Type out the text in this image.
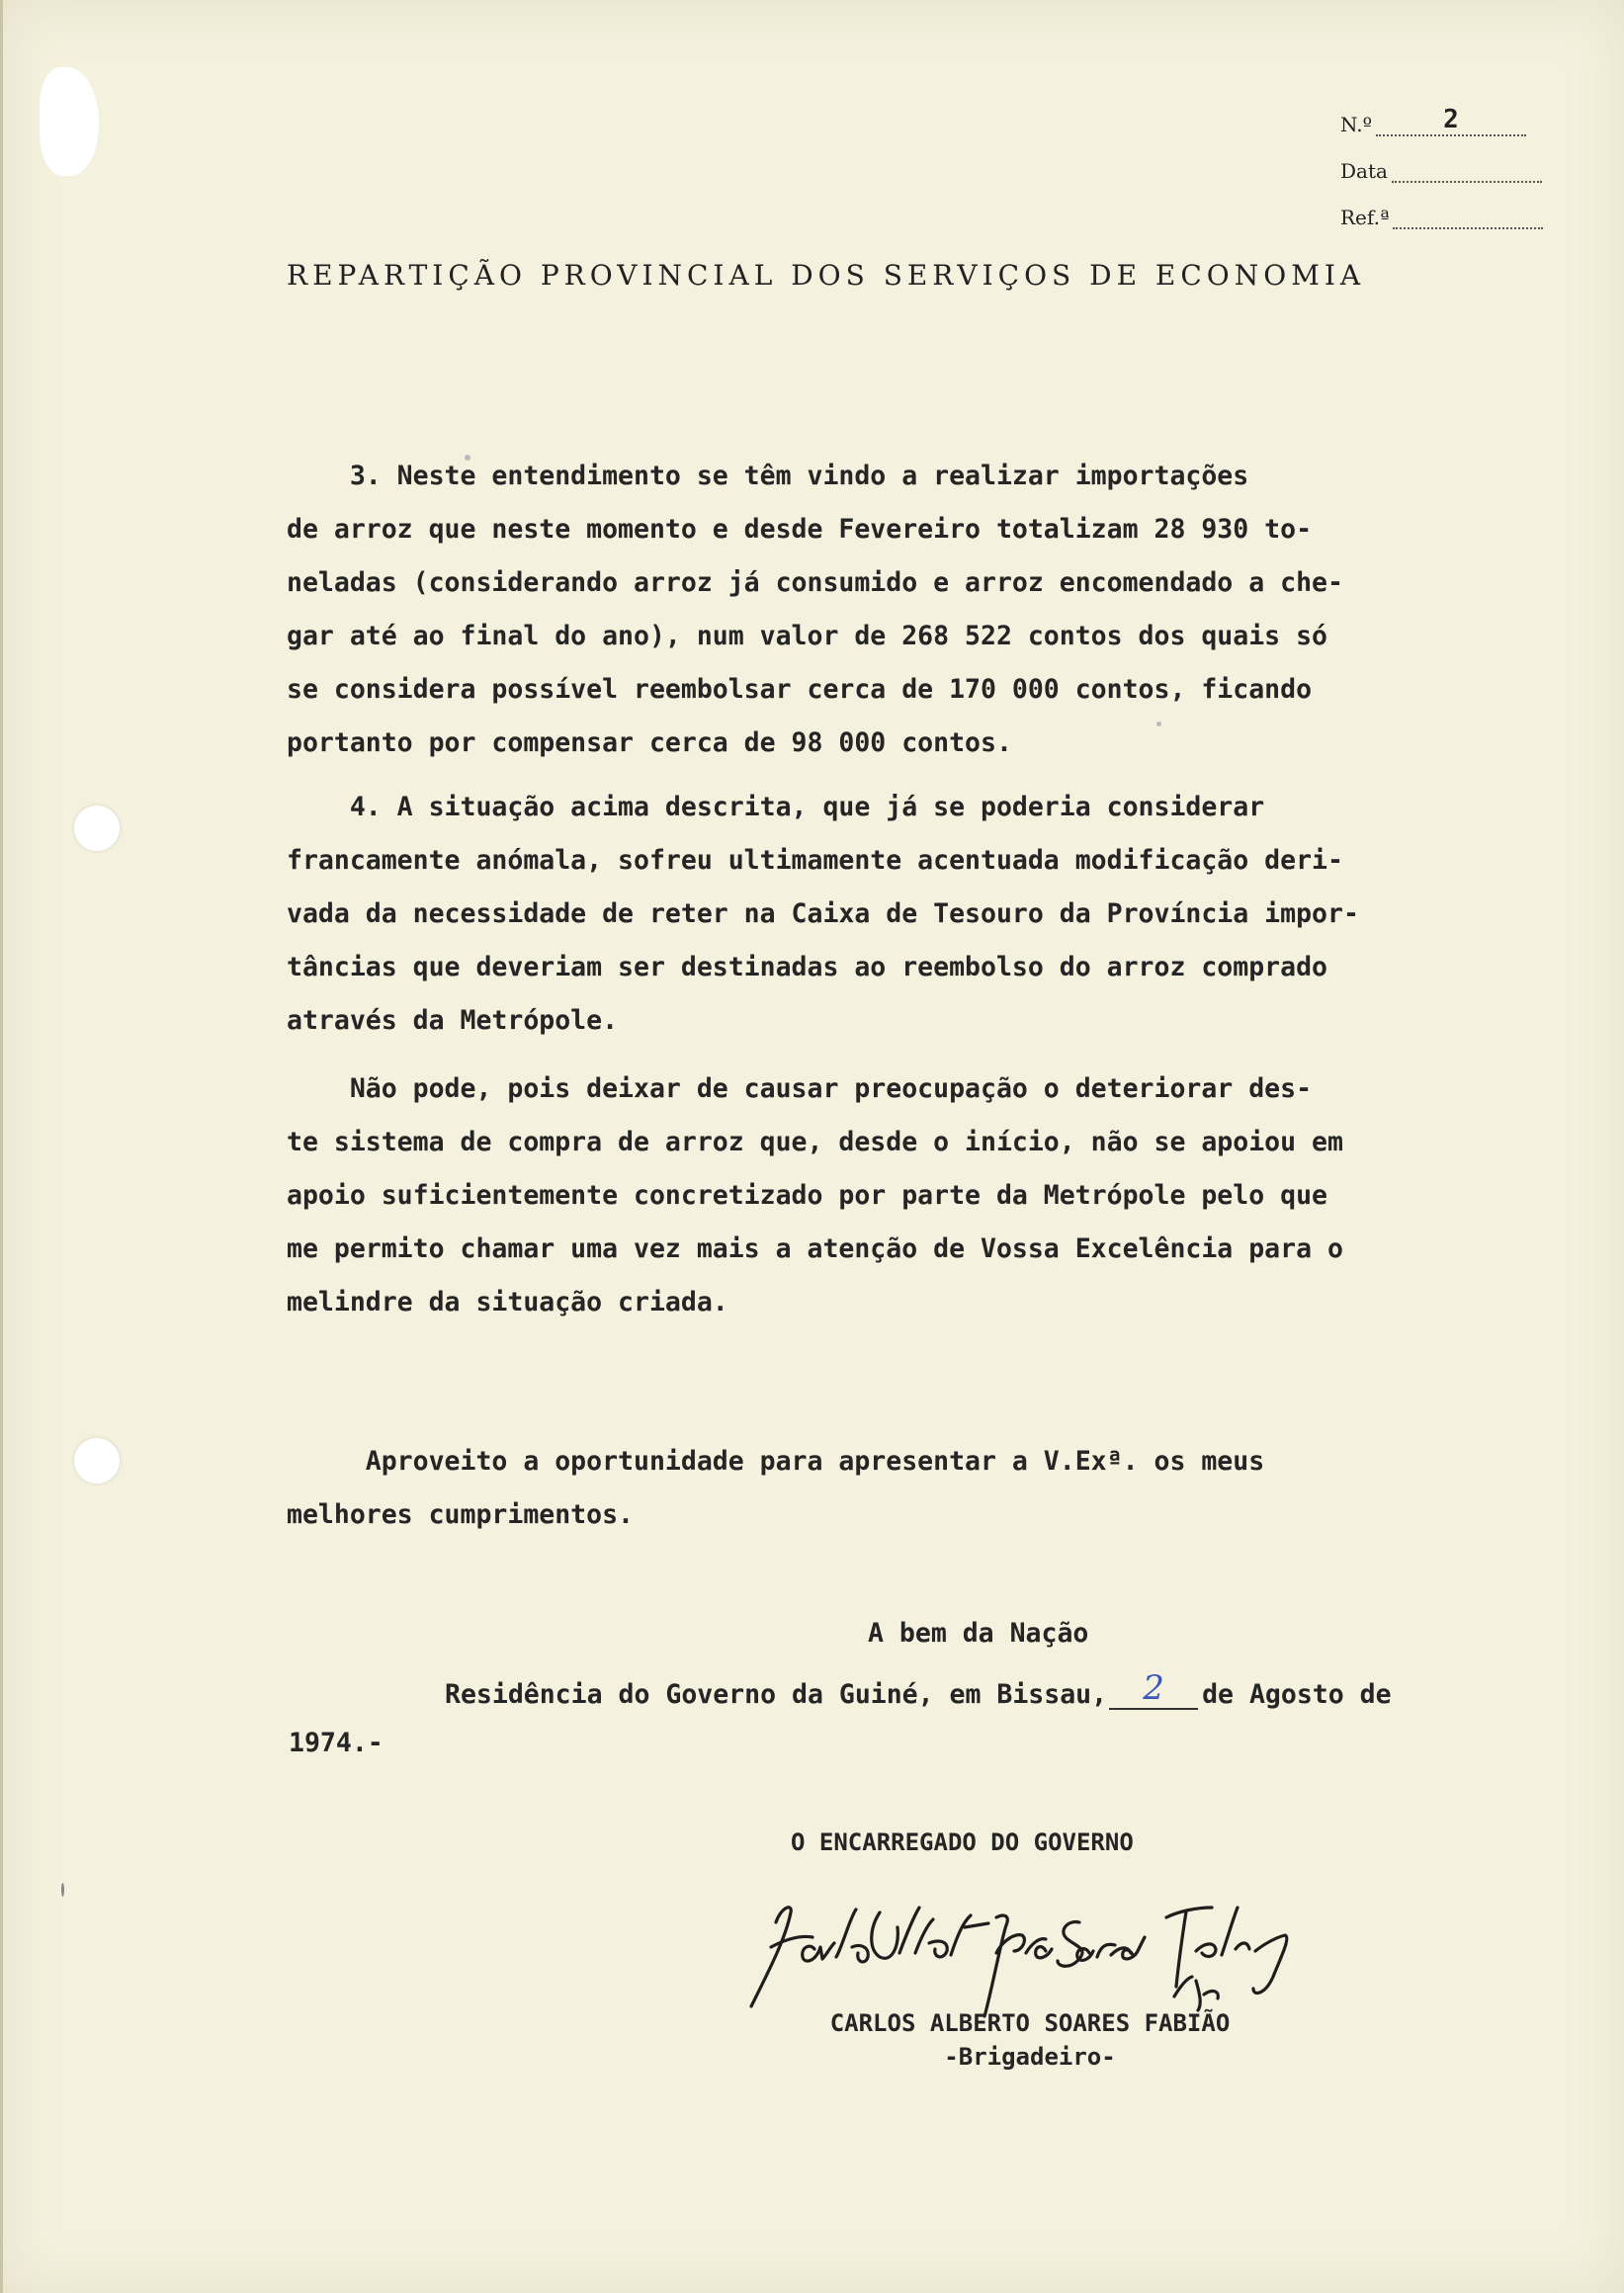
N.º	2
Data
Ref.ª
REPARTIÇÃO PROVINCIAL DOS SERVIÇOS DE ECONOMIA
3. Neste entendimento se têm vindo a realizar importações
de arroz que neste momento e desde Fevereiro totalizam 28 930 to-
neladas (considerando arroz já consumido e arroz encomendado a che-
gar até ao final do ano), num valor de 268 522 contos dos quais só
se considera possível reembolsar cerca de 170 000 contos, ficando
portanto por compensar cerca de 98 000 contos.
4. A situação acima descrita, que já se poderia considerar
francamente anómala, sofreu ultimamente acentuada modificação deri-
vada da necessidade de reter na Caixa de Tesouro da Província impor-
tâncias que deveriam ser destinadas ao reembolso do arroz comprado
através da Metrópole.
Não pode, pois deixar de causar preocupação o deteriorar des-
te sistema de compra de arroz que, desde o início, não se apoiou em
apoio suficientemente concretizado por parte da Metrópole pelo que
me permito chamar uma vez mais a atenção de Vossa Excelência para o
melindre da situação criada.
Aproveito a oportunidade para apresentar a V.Exª. os meus
melhores cumprimentos.
A bem da Nação
Residência do Governo da Guiné, em Bissau,	2	de Agosto de
1974.-
O ENCARREGADO DO GOVERNO
CARLOS ALBERTO SOARES FABIÃO
-Brigadeiro-
